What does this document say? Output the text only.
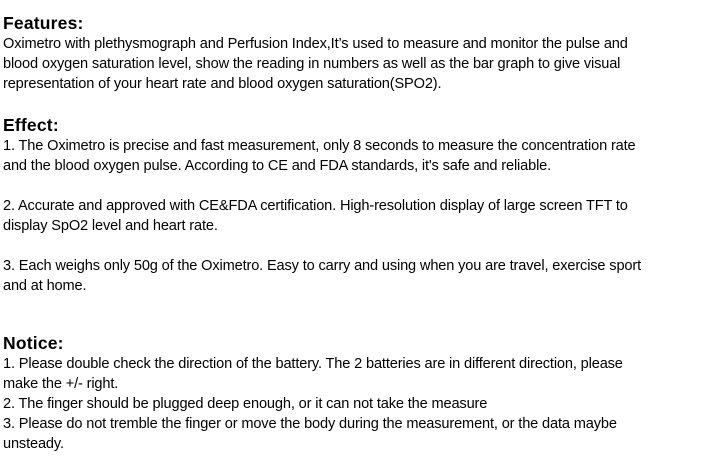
Features:

Oximetro with plethysmograph and Perfusion Index,It’s used to measure and monitor the pulse and
blood oxygen saturation level, show the reading in numbers as well as the bar graph to give visual
representation of your heart rate and blood oxygen saturation(SPO2).

Effect:

1. The Oximetro is precise and fast measurement, only 8 seconds to measure the concentration rate
and the blood oxygen pulse. According to CE and FDA standards, it's safe and reliable.

2. Accurate and approved with CE&FDA certification. High-resolution display of large screen TFT to
display SpO2 level and heart rate.

3. Each weighs only 50g of the Oximetro. Easy to carry and using when you are travel, exercise sport
and at home.

Notice:

1. Please double check the direction of the battery. The 2 batteries are in different direction, please
make the +/- right.
2. The finger should be plugged deep enough, or it can not take the measure
3. Please do not tremble the finger or move the body during the measurement, or the data maybe
unsteady.
